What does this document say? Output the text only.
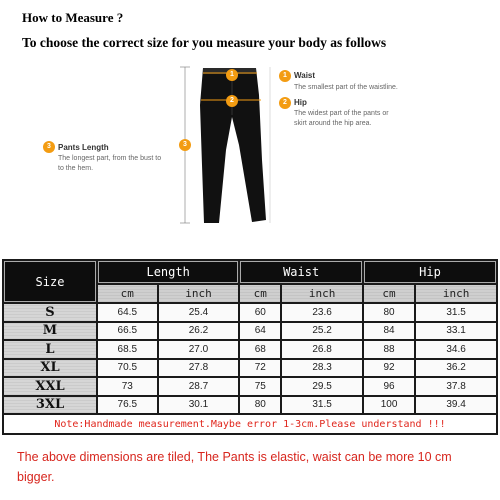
How to Measure ?
To choose the correct size for you measure your body as follows
1
2
3
1 Waist
The smallest part of the waistline.
2 Hip
The widest part of the pants or
skirt around the hip area.
3 Pants Length
The longest part, from the bust to
to the hem.
Size	Length		Waist		Hip	
	cm	inch	cm	inch	cm	inch
S	64.5	25.4	60	23.6	80	31.5
M	66.5	26.2	64	25.2	84	33.1
L	68.5	27.0	68	26.8	88	34.6
XL	70.5	27.8	72	28.3	92	36.2
XXL	73	28.7	75	29.5	96	37.8
3XL	76.5	30.1	80	31.5	100	39.4
Note:Handmade measurement.Maybe error 1-3cm.Please understand !!!						
The above dimensions are tiled, The Pants is elastic, waist can be more 10 cm bigger.
